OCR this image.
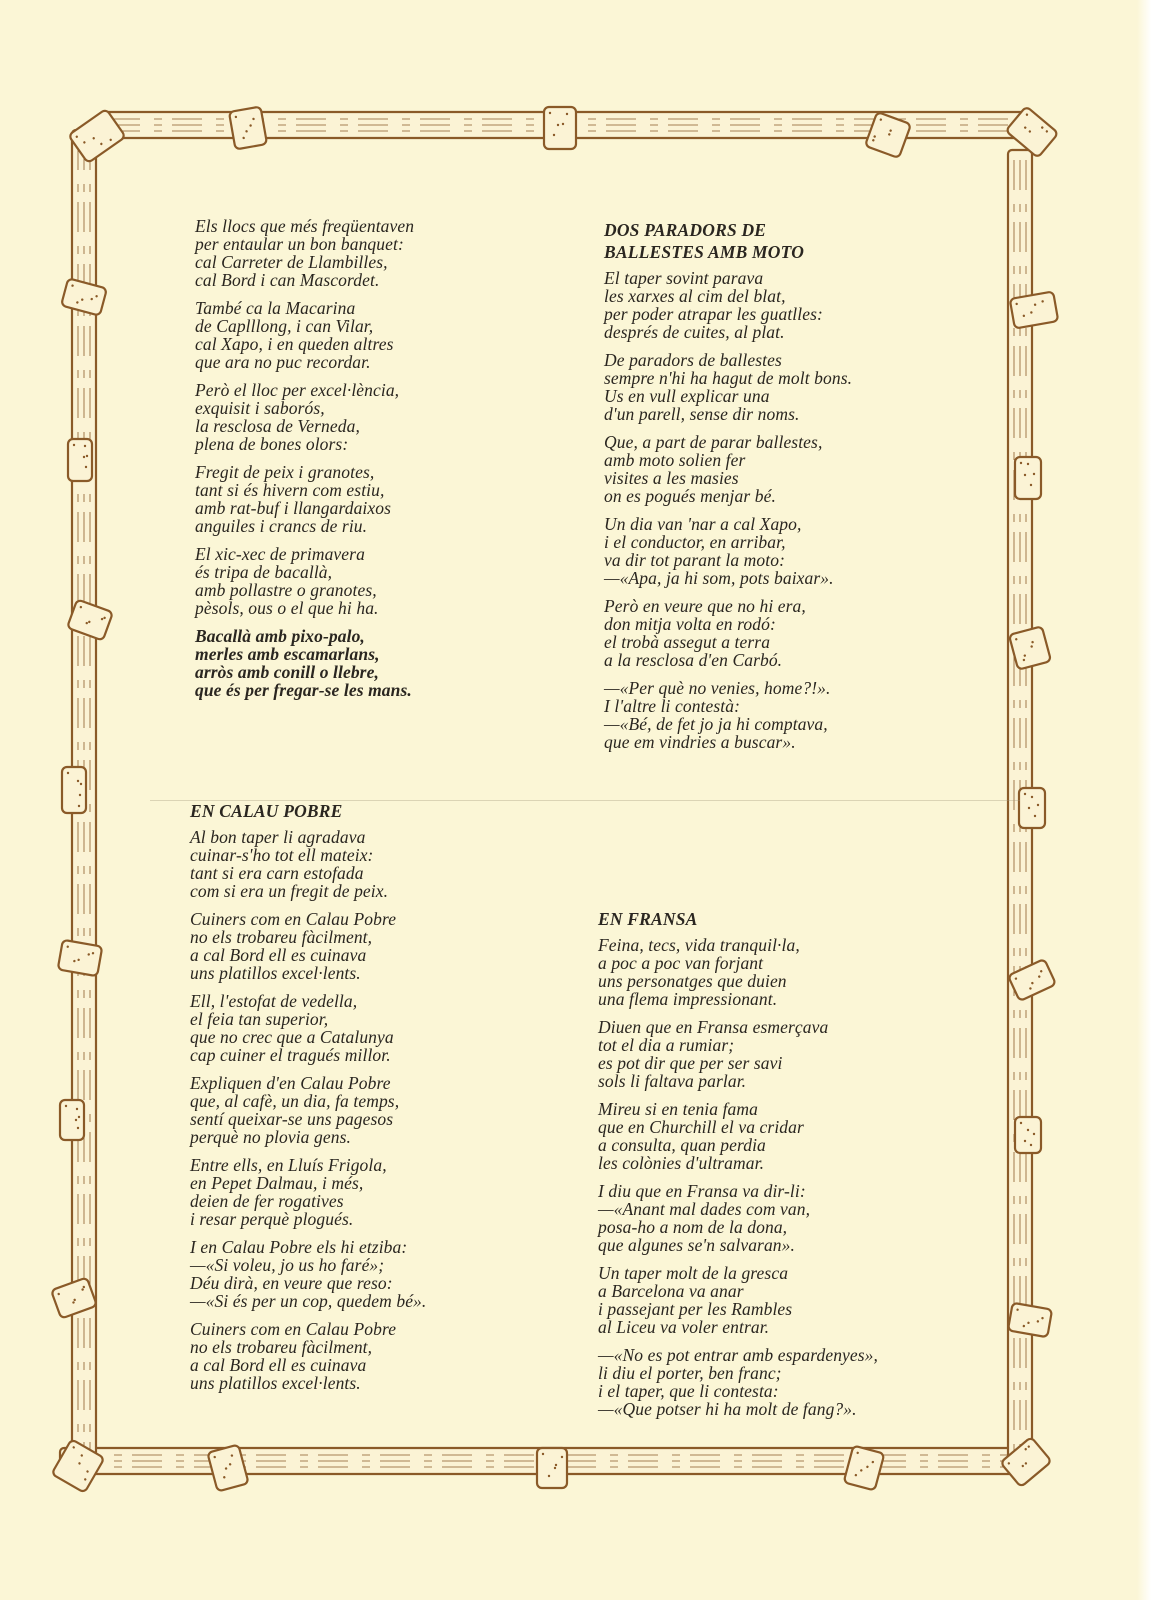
Els llocs que més freqüentaven
per entaular un bon banquet:
cal Carreter de Llambilles,
cal Bord i can Mascordet.
També ca la Macarina
de Caplllong, i can Vilar,
cal Xapo, i en queden altres
que ara no puc recordar.
Però el lloc per excel·lència,
exquisit i saborós,
la resclosa de Verneda,
plena de bones olors:
Fregit de peix i granotes,
tant si és hivern com estiu,
amb rat-buf i llangardaixos
anguiles i crancs de riu.
El xic-xec de primavera
és tripa de bacallà,
amb pollastre o granotes,
pèsols, ous o el que hi ha.
Bacallà amb pixo-palo,
merles amb escamarlans,
arròs amb conill o llebre,
que és per fregar-se les mans.
DOS PARADORS DE
BALLESTES AMB MOTO
El taper sovint parava
les xarxes al cim del blat,
per poder atrapar les guatlles:
després de cuites, al plat.
De paradors de ballestes
sempre n'hi ha hagut de molt bons.
Us en vull explicar una
d'un parell, sense dir noms.
Que, a part de parar ballestes,
amb moto solien fer
visites a les masies
on es pogués menjar bé.
Un dia van 'nar a cal Xapo,
i el conductor, en arribar,
va dir tot parant la moto:
—«Apa, ja hi som, pots baixar».
Però en veure que no hi era,
don mitja volta en rodó:
el trobà assegut a terra
a la resclosa d'en Carbó.
—«Per què no venies, home?!».
I l'altre li contestà:
—«Bé, de fet jo ja hi comptava,
que em vindries a buscar».
EN CALAU POBRE
Al bon taper li agradava
cuinar-s'ho tot ell mateix:
tant si era carn estofada
com si era un fregit de peix.
Cuiners com en Calau Pobre
no els trobareu fàcilment,
a cal Bord ell es cuinava
uns platillos excel·lents.
Ell, l'estofat de vedella,
el feia tan superior,
que no crec que a Catalunya
cap cuiner el tragués millor.
Expliquen d'en Calau Pobre
que, al cafè, un dia, fa temps,
sentí queixar-se uns pagesos
perquè no plovia gens.
Entre ells, en Lluís Frigola,
en Pepet Dalmau, i més,
deien de fer rogatives
i resar perquè plogués.
I en Calau Pobre els hi etziba:
—«Si voleu, jo us ho faré»;
Déu dirà, en veure que reso:
—«Si és per un cop, quedem bé».
Cuiners com en Calau Pobre
no els trobareu fàcilment,
a cal Bord ell es cuinava
uns platillos excel·lents.
EN FRANSA
Feina, tecs, vida tranquil·la,
a poc a poc van forjant
uns personatges que duien
una flema impressionant.
Diuen que en Fransa esmerçava
tot el dia a rumiar;
es pot dir que per ser savi
sols li faltava parlar.
Mireu si en tenia fama
que en Churchill el va cridar
a consulta, quan perdia
les colònies d'ultramar.
I diu que en Fransa va dir-li:
—«Anant mal dades com van,
posa-ho a nom de la dona,
que algunes se'n salvaran».
Un taper molt de la gresca
a Barcelona va anar
i passejant per les Rambles
al Liceu va voler entrar.
—«No es pot entrar amb espardenyes»,
li diu el porter, ben franc;
i el taper, que li contesta:
—«Que potser hi ha molt de fang?».
